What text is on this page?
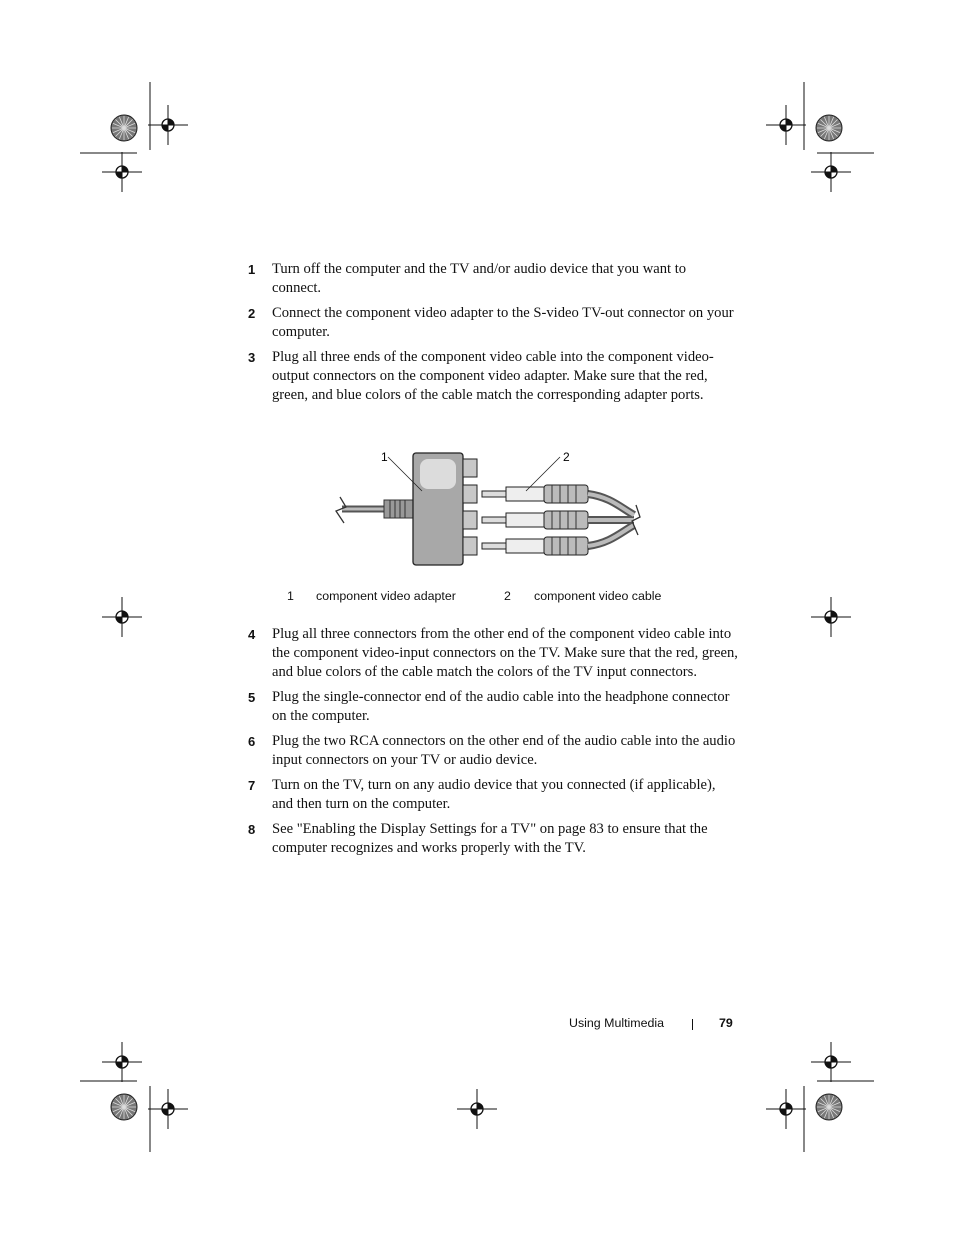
1 Turn off the computer and the TV and/or audio device that you want to connect.
2 Connect the component video adapter to the S-video TV-out connector on your computer.
3 Plug all three ends of the component video cable into the component video-output connectors on the component video adapter. Make sure that the red, green, and blue colors of the cable match the corresponding adapter ports.
1	2
1 component video adapter	2 component video cable
4 Plug all three connectors from the other end of the component video cable into the component video-input connectors on the TV. Make sure that the red, green, and blue colors of the cable match the colors of the TV input connectors.
5 Plug the single-connector end of the audio cable into the headphone connector on the computer.
6 Plug the two RCA connectors on the other end of the audio cable into the audio input connectors on your TV or audio device.
7 Turn on the TV, turn on any audio device that you connected (if applicable), and then turn on the computer.
8 See "Enabling the Display Settings for a TV" on page 83 to ensure that the computer recognizes and works properly with the TV.
Using Multimedia	79
